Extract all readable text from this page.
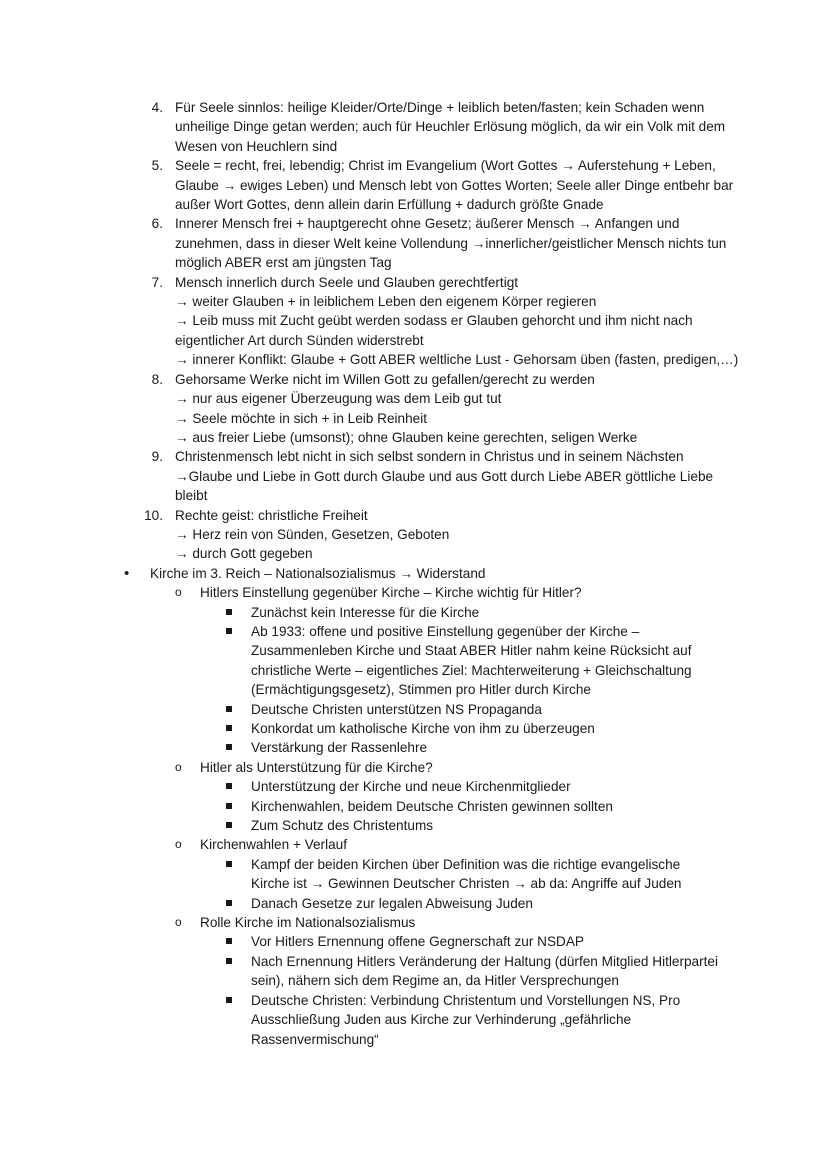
4. Für Seele sinnlos: heilige Kleider/Orte/Dinge + leiblich beten/fasten; kein Schaden wenn unheilige Dinge getan werden; auch für Heuchler Erlösung möglich, da wir ein Volk mit dem Wesen von Heuchlern sind
5. Seele = recht, frei, lebendig; Christ im Evangelium (Wort Gottes → Auferstehung + Leben, Glaube → ewiges Leben) und Mensch lebt von Gottes Worten; Seele aller Dinge entbehr bar außer Wort Gottes, denn allein darin Erfüllung + dadurch größte Gnade
6. Innerer Mensch frei + hauptgerecht ohne Gesetz; äußerer Mensch → Anfangen und zunehmen, dass in dieser Welt keine Vollendung →innerlicher/geistlicher Mensch nichts tun möglich ABER erst am jüngsten Tag
7. Mensch innerlich durch Seele und Glauben gerechtfertigt
→ weiter Glauben + in leiblichem Leben den eigenem Körper regieren
→ Leib muss mit Zucht geübt werden sodass er Glauben gehorcht und ihm nicht nach eigentlicher Art durch Sünden widerstrebt
→ innerer Konflikt: Glaube + Gott ABER weltliche Lust - Gehorsam üben (fasten, predigen,…)
8. Gehorsame Werke nicht im Willen Gott zu gefallen/gerecht zu werden
→ nur aus eigener Überzeugung was dem Leib gut tut
→ Seele möchte in sich + in Leib Reinheit
→ aus freier Liebe (umsonst); ohne Glauben keine gerechten, seligen Werke
9. Christenmensch lebt nicht in sich selbst sondern in Christus und in seinem Nächsten
→Glaube und Liebe in Gott durch Glaube und aus Gott durch Liebe ABER göttliche Liebe bleibt
10. Rechte geist: christliche Freiheit
→ Herz rein von Sünden, Gesetzen, Geboten
→ durch Gott gegeben
• Kirche im 3. Reich – Nationalsozialismus → Widerstand
o Hitlers Einstellung gegenüber Kirche – Kirche wichtig für Hitler?
Zunächst kein Interesse für die Kirche
Ab 1933: offene und positive Einstellung gegenüber der Kirche – Zusammenleben Kirche und Staat ABER Hitler nahm keine Rücksicht auf christliche Werte – eigentliches Ziel: Machterweiterung + Gleichschaltung (Ermächtigungsgesetz), Stimmen pro Hitler durch Kirche
Deutsche Christen unterstützen NS Propaganda
Konkordat um katholische Kirche von ihm zu überzeugen
Verstärkung der Rassenlehre
o Hitler als Unterstützung für die Kirche?
Unterstützung der Kirche und neue Kirchenmitglieder
Kirchenwahlen, beidem Deutsche Christen gewinnen sollten
Zum Schutz des Christentums
o Kirchenwahlen + Verlauf
Kampf der beiden Kirchen über Definition was die richtige evangelische Kirche ist → Gewinnen Deutscher Christen → ab da: Angriffe auf Juden
Danach Gesetze zur legalen Abweisung Juden
o Rolle Kirche im Nationalsozialismus
Vor Hitlers Ernennung offene Gegnerschaft zur NSDAP
Nach Ernennung Hitlers Veränderung der Haltung (dürfen Mitglied Hitlerpartei sein), nähern sich dem Regime an, da Hitler Versprechungen
Deutsche Christen: Verbindung Christentum und Vorstellungen NS, Pro Ausschließung Juden aus Kirche zur Verhinderung „gefährliche Rassenvermischung“
